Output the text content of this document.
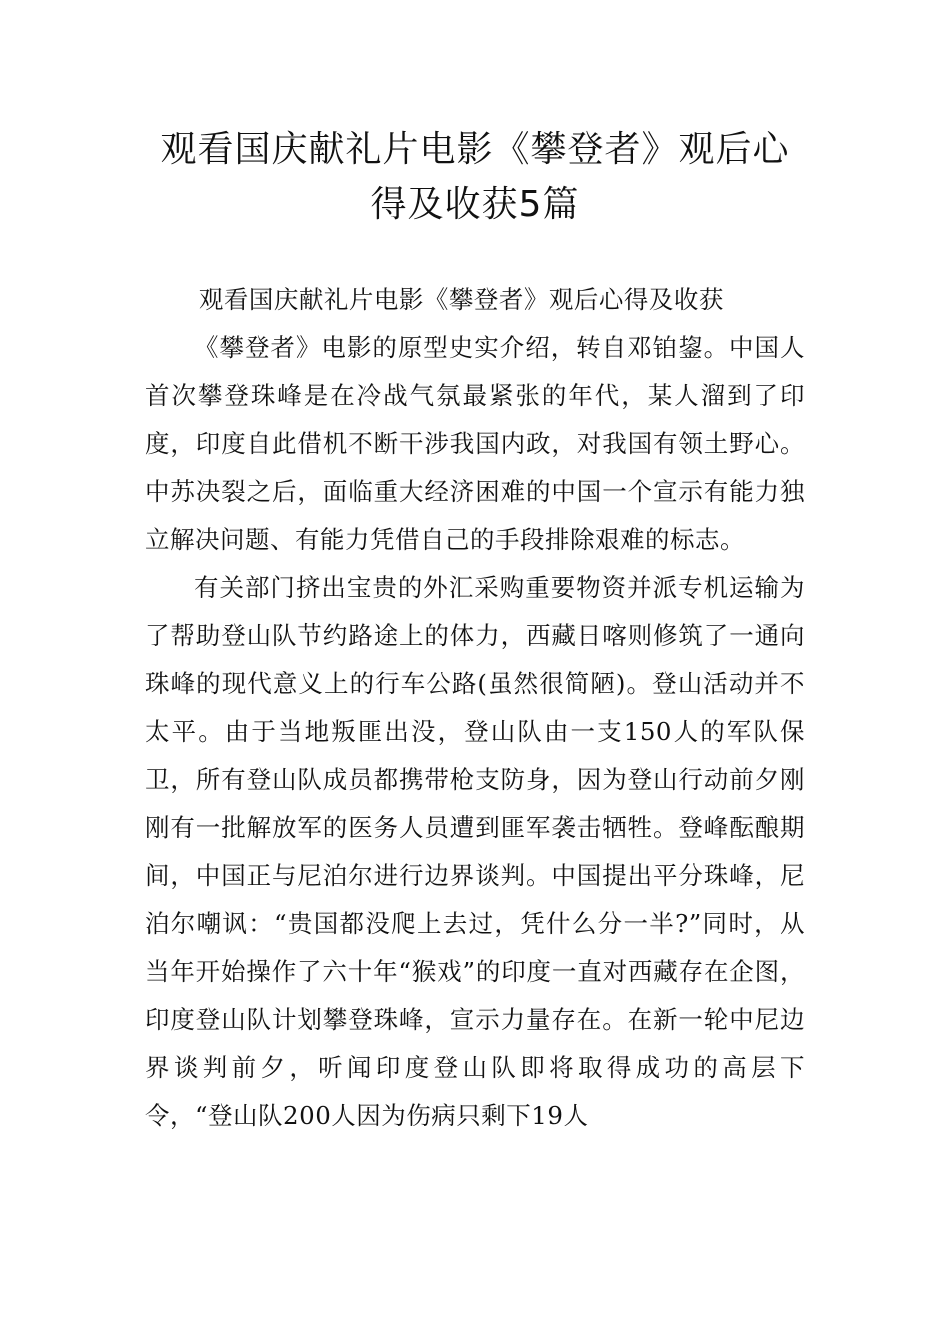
观看国庆献礼片电影《攀登者》观后心
得及收获5篇

观看国庆献礼片电影《攀登者》观后心得及收获

《攀登者》电影的原型史实介绍，转自邓铂鋆。中国人首次攀登珠峰是在冷战气氛最紧张的年代，某人溜到了印度，印度自此借机不断干涉我国内政，对我国有领土野心。中苏决裂之后，面临重大经济困难的中国一个宣示有能力独立解决问题、有能力凭借自己的手段排除艰难的标志。

有关部门挤出宝贵的外汇采购重要物资并派专机运输为了帮助登山队节约路途上的体力，西藏日喀则修筑了一通向珠峰的现代意义上的行车公路(虽然很简陋)。登山活动并不太平。由于当地叛匪出没，登山队由一支150人的军队保卫，所有登山队成员都携带枪支防身，因为登山行动前夕刚刚有一批解放军的医务人员遭到匪军袭击牺牲。登峰酝酿期间，中国正与尼泊尔进行边界谈判。中国提出平分珠峰，尼泊尔嘲讽：“贵国都没爬上去过，凭什么分一半?”同时，从当年开始操作了六十年“猴戏”的印度一直对西藏存在企图，印度登山队计划攀登珠峰，宣示力量存在。在新一轮中尼边界谈判前夕，听闻印度登山队即将取得成功的高层下令，“登山队200人因为伤病只剩下19人
